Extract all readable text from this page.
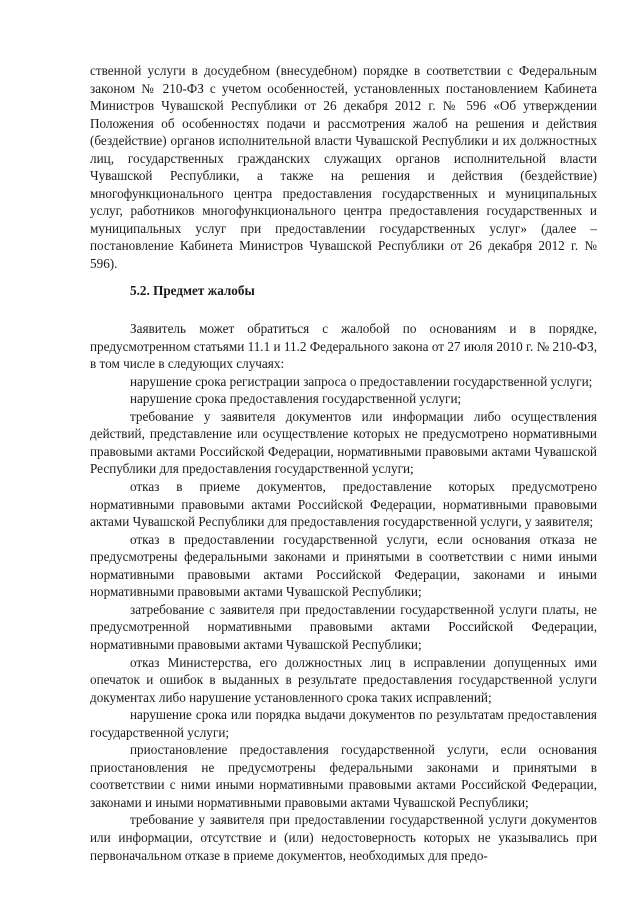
ственной услуги в досудебном (внесудебном) порядке в соответствии с Федеральным законом № 210-ФЗ с учетом особенностей, установленных постановлением Кабинета Министров Чувашской Республики от 26 декабря 2012 г. № 596 «Об утверждении Положения об особенностях подачи и рассмотрения жалоб на решения и действия (бездействие) органов исполнительной власти Чувашской Республики и их должностных лиц, государственных гражданских служащих органов исполнительной власти Чувашской Республики, а также на решения и действия (бездействие) многофункционального центра предоставления государственных и муниципальных услуг, работников многофункционального центра предоставления государственных и муниципальных услуг при предоставлении государственных услуг» (далее – постановление Кабинета Министров Чувашской Республики от 26 декабря 2012 г. № 596).

5.2. Предмет жалобы

Заявитель может обратиться с жалобой по основаниям и в порядке, предусмотренном статьями 11.1 и 11.2 Федерального закона от 27 июля 2010 г. № 210-ФЗ, в том числе в следующих случаях:

нарушение срока регистрации запроса о предоставлении государственной услуги;

нарушение срока предоставления государственной услуги;

требование у заявителя документов или информации либо осуществления действий, представление или осуществление которых не предусмотрено нормативными правовыми актами Российской Федерации, нормативными правовыми актами Чувашской Республики для предоставления государственной услуги;

отказ в приеме документов, предоставление которых предусмотрено нормативными правовыми актами Российской Федерации, нормативными правовыми актами Чувашской Республики для предоставления государственной услуги, у заявителя;

отказ в предоставлении государственной услуги, если основания отказа не предусмотрены федеральными законами и принятыми в соответствии с ними иными нормативными правовыми актами Российской Федерации, законами и иными нормативными правовыми актами Чувашской Республики;

затребование с заявителя при предоставлении государственной услуги платы, не предусмотренной нормативными правовыми актами Российской Федерации, нормативными правовыми актами Чувашской Республики;

отказ Министерства, его должностных лиц в исправлении допущенных ими опечаток и ошибок в выданных в результате предоставления государственной услуги документах либо нарушение установленного срока таких исправлений;

нарушение срока или порядка выдачи документов по результатам предоставления государственной услуги;

приостановление предоставления государственной услуги, если основания приостановления не предусмотрены федеральными законами и принятыми в соответствии с ними иными нормативными правовыми актами Российской Федерации, законами и иными нормативными правовыми актами Чувашской Республики;

требование у заявителя при предоставлении государственной услуги документов или информации, отсутствие и (или) недостоверность которых не указывались при первоначальном отказе в приеме документов, необходимых для предо-
